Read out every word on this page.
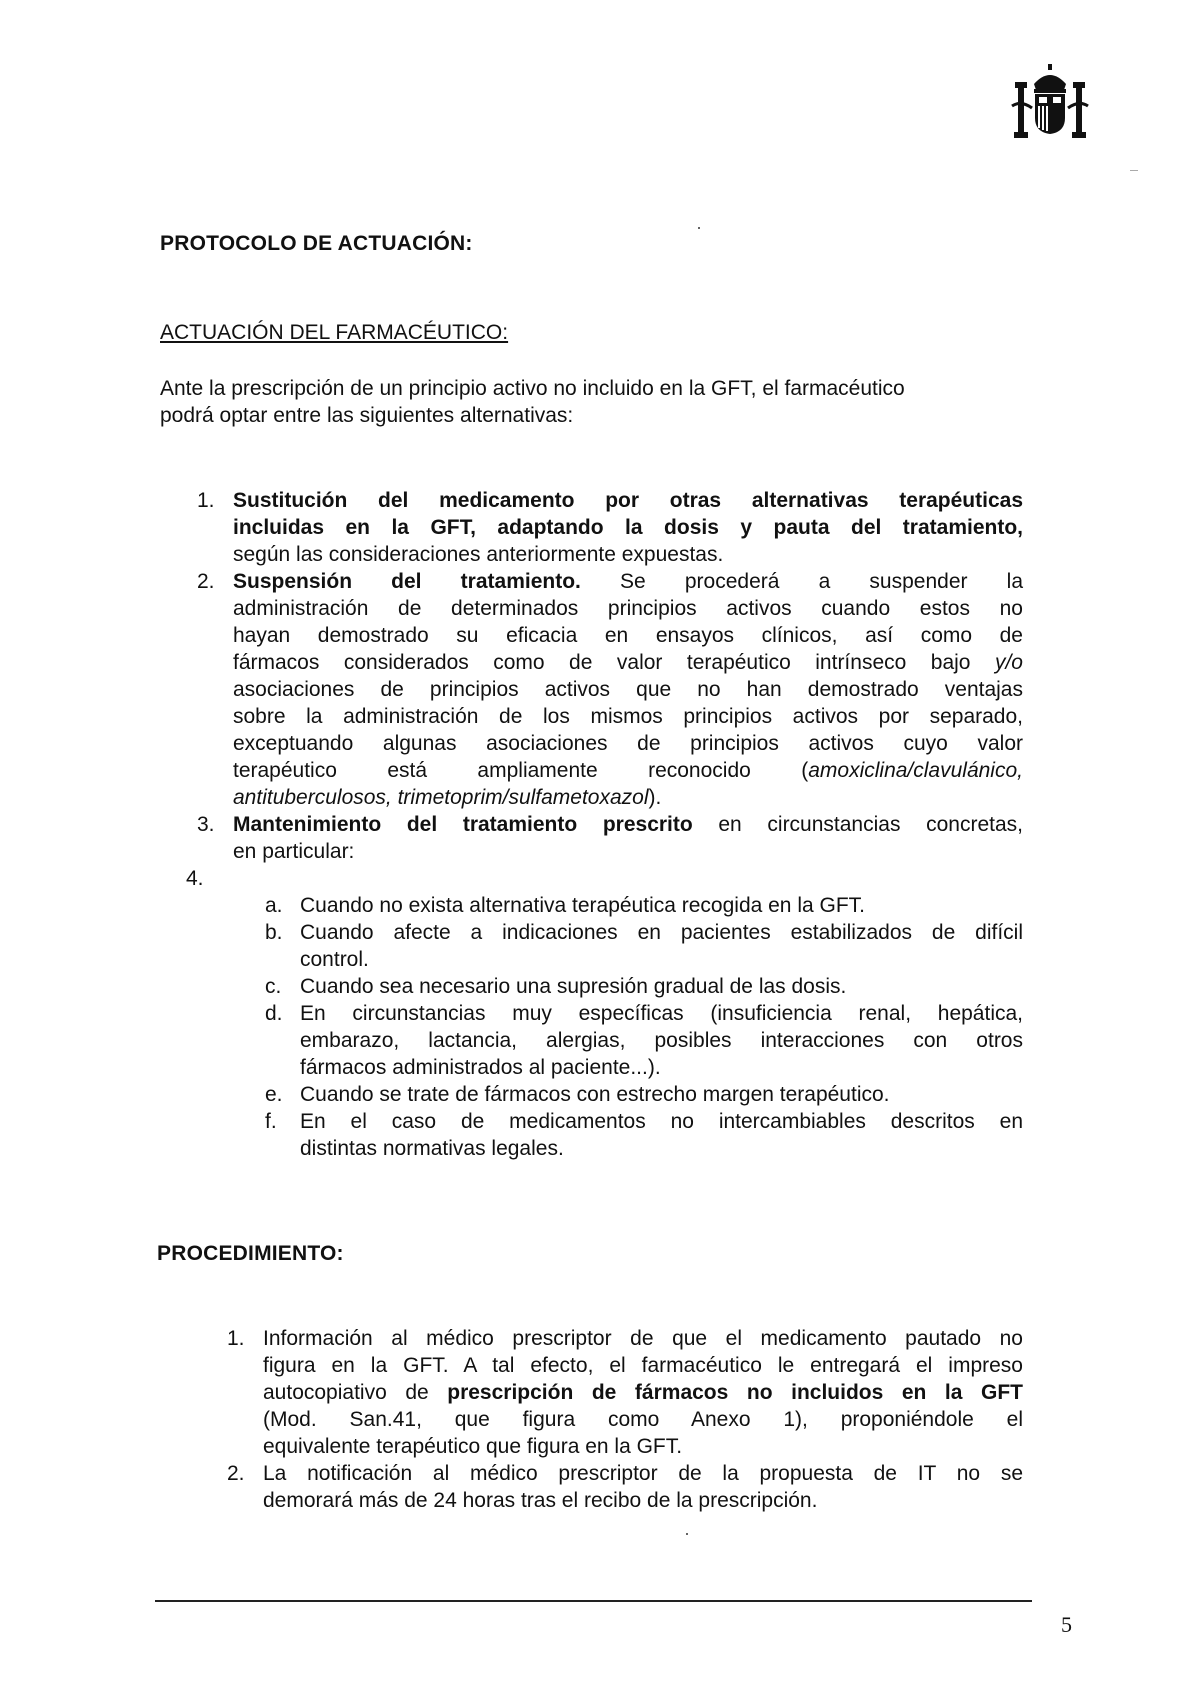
PROTOCOLO DE ACTUACIÓN:
ACTUACIÓN DEL FARMACÉUTICO:
Ante la prescripción de un principio activo no incluido en la GFT, el farmacéutico
podrá optar entre las siguientes alternativas:
1. Sustitución del medicamento por otras alternativas terapéuticas
incluidas en la GFT, adaptando la dosis y pauta del tratamiento,
según las consideraciones anteriormente expuestas.
2. Suspensión del tratamiento. Se procederá a suspender la
administración de determinados principios activos cuando estos no
hayan demostrado su eficacia en ensayos clínicos, así como de
fármacos considerados como de valor terapéutico intrínseco bajo y/o
asociaciones de principios activos que no han demostrado ventajas
sobre la administración de los mismos principios activos por separado,
exceptuando algunas asociaciones de principios activos cuyo valor
terapéutico está ampliamente reconocido (amoxiclina/clavulánico,
antituberculosos, trimetoprim/sulfametoxazol).
3. Mantenimiento del tratamiento prescrito en circunstancias concretas,
en particular:
4.
a. Cuando no exista alternativa terapéutica recogida en la GFT.
b. Cuando afecte a indicaciones en pacientes estabilizados de difícil
control.
c. Cuando sea necesario una supresión gradual de las dosis.
d. En circunstancias muy específicas (insuficiencia renal, hepática,
embarazo, lactancia, alergias, posibles interacciones con otros
fármacos administrados al paciente...).
e. Cuando se trate de fármacos con estrecho margen terapéutico.
f. En el caso de medicamentos no intercambiables descritos en
distintas normativas legales.
PROCEDIMIENTO:
1. Información al médico prescriptor de que el medicamento pautado no
figura en la GFT. A tal efecto, el farmacéutico le entregará el impreso
autocopiativo de prescripción de fármacos no incluidos en la GFT
(Mod. San.41, que figura como Anexo 1), proponiéndole el
equivalente terapéutico que figura en la GFT.
2. La notificación al médico prescriptor de la propuesta de IT no se
demorará más de 24 horas tras el recibo de la prescripción.
5
